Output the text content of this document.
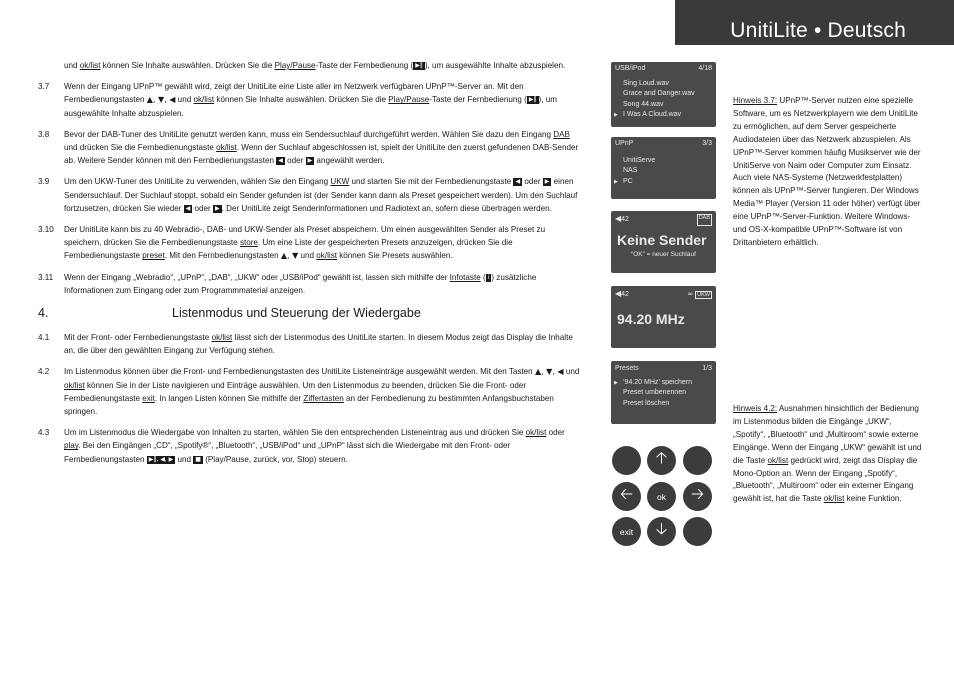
UnitiLite • Deutsch
und ok/list können Sie Inhalte auswählen. Drücken Sie die Play/Pause-Taste der Fernbedienung ( ▶‖ ), um ausgewählte Inhalte abzuspielen.
3.7 Wenn der Eingang UPnP™ gewählt wird, zeigt der UnitiLite eine Liste aller im Netzwerk verfügbaren UPnP™-Server an. Mit den Fernbedienungstasten ▲, ▼, ◀ und ok/list können Sie Inhalte auswählen. Drücken Sie die Play/Pause-Taste der Fernbedienung ( ▶‖ ), um ausgewählte Inhalte abzuspielen.
3.8 Bevor der DAB-Tuner des UnitiLite genutzt werden kann, muss ein Sendersuchlauf durchgeführt werden. Wählen Sie dazu den Eingang DAB und drücken Sie die Fernbedienungstaste ok/list. Wenn der Suchlauf abgeschlossen ist, spielt der UnitiLite den zuerst gefundenen DAB-Sender ab. Weitere Sender können mit den Fernbedienungstasten ◀ oder ▶ angewählt werden.
3.9 Um den UKW-Tuner des UnitiLite zu verwenden, wählen Sie den Eingang UKW und starten Sie mit der Fernbedienungstaste ◀ oder ▶ einen Sendersuchlauf. Der Suchlauf stoppt, sobald ein Sender gefunden ist (der Sender kann dann als Preset gespeichert werden). Um den Suchlauf fortzusetzen, drücken Sie wieder ◀ oder ▶ . Der UnitiLite zeigt Senderinformationen und Radiotext an, sofern diese übertragen werden.
3.10 Der UnitiLite kann bis zu 40 Webradio-, DAB- und UKW-Sender als Preset abspeichern. Um einen ausgewählten Sender als Preset zu speichern, drücken Sie die Fernbedienungstaste store. Um eine Liste der gespeicherten Presets anzuzeigen, drücken Sie die Fernbedienungstaste preset. Mit den Fernbedienungstasten ▲, ▼ und ok/list können Sie Presets auswählen.
3.11 Wenn der Eingang „Webradio“, „UPnP“, „DAB“, „UKW“ oder „USB/iPod“ gewählt ist, lassen sich mithilfe der Infotaste ( i ) zusätzliche Informationen zum Eingang oder zum Programmmaterial anzeigen.
4.	Listenmodus und Steuerung der Wiedergabe
4.1 Mit der Front- oder Fernbedienungstaste ok/list lässt sich der Listenmodus des UnitiLite starten. In diesem Modus zeigt das Display die Inhalte an, die über den gewählten Eingang zur Verfügung stehen.
4.2 Im Listenmodus können über die Front- und Fernbedienungstasten des UnitiLite Listeneinträge ausgewählt werden. Mit den Tasten ▲, ▼, ◀ und ok/list können Sie in der Liste navigieren und Einträge auswählen. Um den Listenmodus zu beenden, drücken Sie die Front- oder Fernbedienungstaste exit. In langen Listen können Sie mithilfe der Ziffertasten an der Fernbedienung zu bestimmten Anfangsbuchstaben springen.
4.3 Um im Listenmodus die Wiedergabe von Inhalten zu starten, wählen Sie den entsprechenden Listeneintrag aus und drücken Sie ok/list oder play. Bei den Eingängen „CD“, „Spotify®“, „Bluetooth“, „USB/iPod“ und „UPnP“ lässt sich die Wiedergabe mit den Front- oder Fernbedienungstasten ▶‖, ◀, ▶ und ■ (Play/Pause, zurück, vor, Stop) steuern.
USB/iPod	4/18
Sing Loud.wav
Grace and Danger.wav
Song 44.wav
▶ I Was A Cloud.wav
UPnP	3/3
UnitiServe
NAS
▶ PC
◀42	DAB
Keine Sender
“OK” = neuer Suchlauf
◀42	∞ UKW
94.20 MHz
Presets	1/3
▶ ‘94.20 MHz’ speichern
Preset umbenennen
Preset löschen
🡡
🡠	ok	🡢
exit	🡣
Hinweis 3.7: UPnP™-Server nutzen eine spezielle Software, um es Netzwerkplayern wie dem UnitiLite zu ermöglichen, auf dem Server gespeicherte Audiodateien über das Netzwerk abzuspielen. Als UPnP™-Server kommen häufig Musikserver wie der UnitiServe von Naim oder Computer zum Einsatz. Auch viele NAS-Systeme (Netzwerkfestplatten) können als UPnP™-Server fungieren. Der Windows Media™ Player (Version 11 oder höher) verfügt über eine UPnP™-Server-Funktion. Weitere Windows- und OS-X-kompatible UPnP™-Software ist von Drittanbietern erhältlich.
Hinweis 4.2: Ausnahmen hinsichtlich der Bedienung im Listenmodus bilden die Eingänge „UKW“, „Spotify“, „Bluetooth“ und „Multiroom“ sowie externe Eingänge. Wenn der Eingang „UKW“ gewählt ist und die Taste ok/list gedrückt wird, zeigt das Display die Mono-Option an. Wenn der Eingang „Spotify“, „Bluetooth“, „Multiroom“ oder ein externer Eingang gewählt ist, hat die Taste ok/list keine Funktion.
